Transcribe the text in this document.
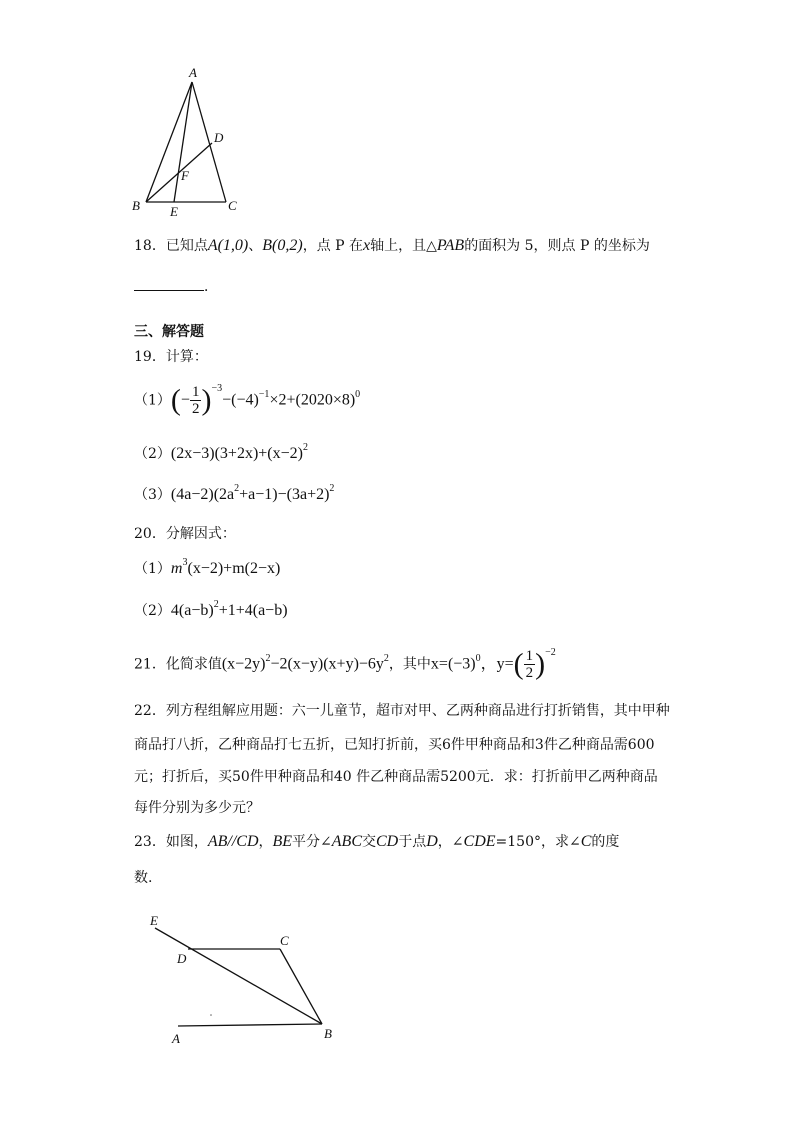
A
D
F
B E	C
18．已知点A(1,0)、B(0,2)，点 P 在x轴上，且△PAB的面积为 5，则点 P 的坐标为
．
三、解答题
19．计算：
$(1)(- \frac{1}{2} )^{-3}-(-4)^{-1}\times 2+(2020\times 8)^0$
$(2)(2x-3)(3+2x)+(x-2)^2$
$(3)(4a-2)(2a^2+a-1)-(3a+2)^2$
20．分解因式：
$(1)m^3(x-2)+m(2-x)$
$(2)4(a-b)^2+1+4(a-b)$
21．化简求值$(x-2y)^2-2(x-y)(x+y)-6y^2$，其中$x=(-3)^0$，$y=( \frac{1}{2} )^{-2}$
22．列方程组解应用题：六一儿童节，超市对甲、乙两种商品进行打折销售，其中甲种
商品打八折，乙种商品打七五折，已知打折前，买6件甲种商品和3件乙种商品需600
元；打折后，买50件甲种商品和40 件乙种商品需5200元．求：打折前甲乙两种商品
每件分别为多少元？
23．如图，AB//CD，BE平分∠ABC交CD于点D，∠CDE=150°，求∠C的度
数.
E
C
D
A	B
